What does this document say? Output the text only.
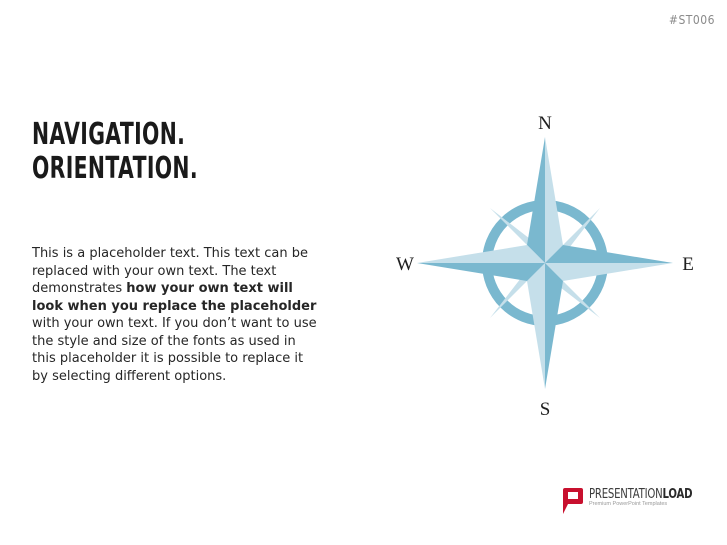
#ST006
NAVIGATION.
ORIENTATION.
This is a placeholder text. This text can be replaced with your own text. The text demonstrates how your own text will look when you replace the placeholder with your own text. If you don’t want to use the style and size of the fonts as used in this placeholder it is possible to replace it by selecting different options.
N
S
E
W
PRESENTATIONLOAD
Premium PowerPoint Templates
